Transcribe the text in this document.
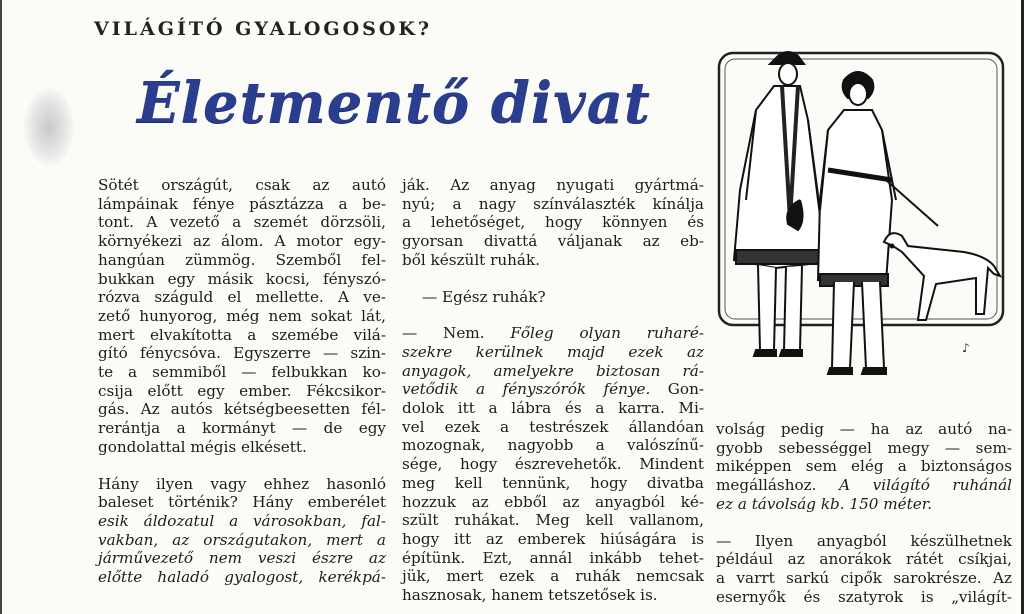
VILÁGÍTÓ GYALOGOSOK?
Életmentő divat

Sötét országút, csak az autó
lámpáinak fénye pásztázza a be-
tont. A vezető a szemét dörzsöli,
környékezi az álom. A motor egy-
hangúan zümmög. Szemből fel-
bukkan egy másik kocsi, fényszó-
rózva száguld el mellette. A ve-
zető hunyorog, még nem sokat lát,
mert elvakította a szemébe vilá-
gító fénycsóva. Egyszerre — szin-
te a semmiből — felbukkan ko-
csija előtt egy ember. Fékcsikor-
gás. Az autós kétségbeesetten fél-
rerántja a kormányt — de egy
gondolattal mégis elkésett.

Hány ilyen vagy ehhez hasonló
baleset történik? Hány emberélet
esik áldozatul a városokban, fal-
vakban, az országutakon, mert a
járművezető nem veszi észre az
előtte haladó gyalogost, kerékpá-

ják. Az anyag nyugati gyártmá-
nyú; a nagy színválaszték kínálja
a lehetőséget, hogy könnyen és
gyorsan divattá váljanak az eb-
ből készült ruhák.

— Egész ruhák?

— Nem. Főleg olyan ruharé-
szekre kerülnek majd ezek az
anyagok, amelyekre biztosan rá-
vetődik a fényszórók fénye. Gon-
dolok itt a lábra és a karra. Mi-
vel ezek a testrészek állandóan
mozognak, nagyobb a valószínű-
sége, hogy észrevehetők. Mindent
meg kell tennünk, hogy divatba
hozzuk az ebből az anyagból ké-
szült ruhákat. Meg kell vallanom,
hogy itt az emberek hiúságára is
építünk. Ezt, annál inkább tehet-
jük, mert ezek a ruhák nemcsak
hasznosak, hanem tetszetősek is.

♪

volság pedig — ha az autó na-
gyobb sebességgel megy — sem-
miképpen sem elég a biztonságos
megálláshoz. A világító ruhánál
ez a távolság kb. 150 méter.

— Ilyen anyagból készülhetnek
például az anorákok rátét csíkjai,
a varrt sarkú cipők sarokrésze. Az
esernyők és szatyrok is „világít-
